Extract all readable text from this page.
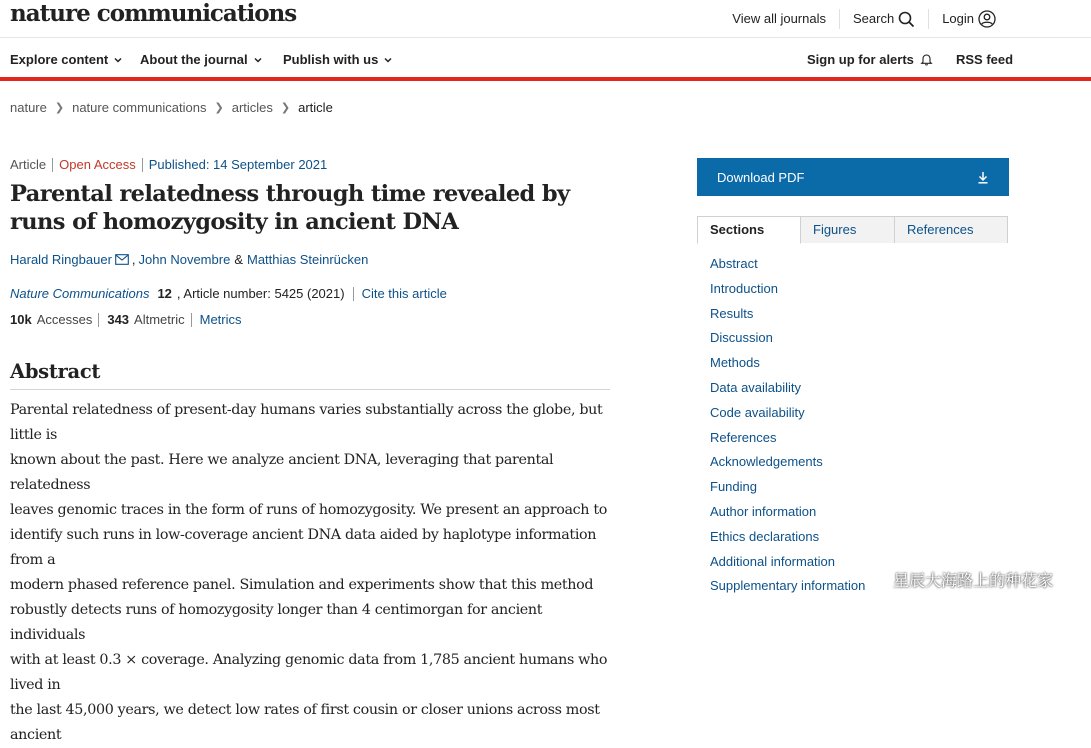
nature communications	View all journals Search	Login
Explore content About the journal	Publish with us	Sign up for alerts	RSS feed
nature ❯ nature communications ❯ articles ❯ article
Article	Open Access	Published: 14 September 2021
Parental relatedness through time revealed by runs of homozygosity in ancient DNA
Harald Ringbauer , John Novembre & Matthias Steinrücken
Nature Communications 12 , Article number: 5425 (2021)	Cite this article
10k Accesses 343 Altmetric Metrics
Abstract
Parental relatedness of present-day humans varies substantially across the globe, but little is
known about the past. Here we analyze ancient DNA, leveraging that parental relatedness
leaves genomic traces in the form of runs of homozygosity. We present an approach to
identify such runs in low-coverage ancient DNA data aided by haplotype information from a
modern phased reference panel. Simulation and experiments show that this method
robustly detects runs of homozygosity longer than 4 centimorgan for ancient individuals
with at least 0.3 × coverage. Analyzing genomic data from 1,785 ancient humans who lived in
the last 45,000 years, we detect low rates of first cousin or closer unions across most ancient
Download PDF
Sections	Figures	References
Abstract
Introduction
Results
Discussion
Methods
Data availability
Code availability
References
Acknowledgements
Funding
Author information
Ethics declarations
Additional information
Supplementary information 星辰大海路上的种花家
